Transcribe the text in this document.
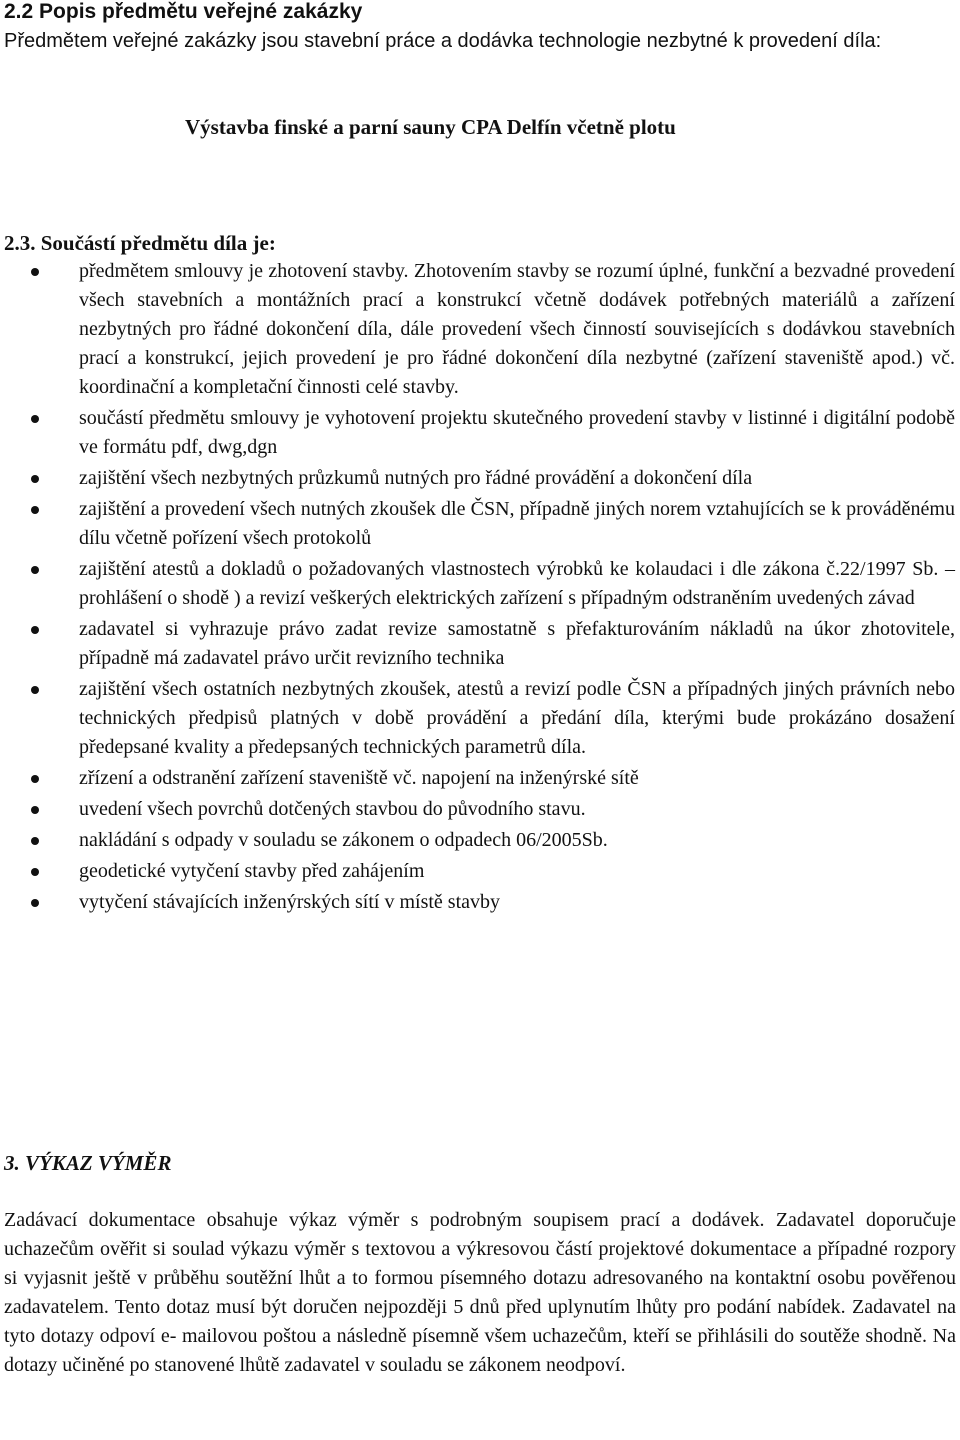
2.2 Popis předmětu veřejné zakázky

Předmětem veřejné zakázky jsou stavební práce a dodávka technologie nezbytné k provedení díla:

Výstavba finské a parní sauny CPA Delfín včetně plotu

2.3. Součástí předmětu díla je:
předmětem smlouvy je zhotovení stavby. Zhotovením stavby se rozumí úplné, funkční a bezvadné provedení všech stavebních a montážních prací a konstrukcí včetně dodávek potřebných materiálů a zařízení nezbytných pro řádné dokončení díla, dále provedení všech činností souvisejících s dodávkou stavebních prací a konstrukcí, jejich provedení je pro řádné dokončení díla nezbytné (zařízení staveniště apod.) vč. koordinační a kompletační činnosti celé stavby.
součástí předmětu smlouvy je vyhotovení projektu skutečného provedení stavby v listinné i digitální podobě ve formátu pdf, dwg,dgn
zajištění všech nezbytných průzkumů nutných pro řádné provádění a dokončení díla
zajištění a provedení všech nutných zkoušek dle ČSN, případně jiných norem vztahujících se k prováděnému dílu včetně pořízení všech protokolů
zajištění atestů a dokladů o požadovaných vlastnostech výrobků ke kolaudaci i dle zákona č.22/1997 Sb. – prohlášení o shodě ) a revizí veškerých elektrických zařízení s případným odstraněním uvedených závad
zadavatel si vyhrazuje právo zadat revize samostatně s přefakturováním nákladů na úkor zhotovitele, případně má zadavatel právo určit revizního technika
zajištění všech ostatních nezbytných zkoušek, atestů a revizí podle ČSN a případných jiných právních nebo technických předpisů platných v době provádění a předání díla, kterými bude prokázáno dosažení předepsané kvality a předepsaných technických parametrů díla.
zřízení a odstranění zařízení staveniště vč. napojení na inženýrské sítě
uvedení všech povrchů dotčených stavbou do původního stavu.
nakládání s odpady v souladu se zákonem o odpadech 06/2005Sb.
geodetické vytyčení stavby před zahájením
vytyčení stávajících inženýrských sítí v místě stavby
3. VÝKAZ VÝMĚR

Zadávací dokumentace obsahuje výkaz výměr s podrobným soupisem prací a dodávek. Zadavatel doporučuje uchazečům ověřit si soulad výkazu výměr s textovou a výkresovou částí projektové dokumentace a případné rozpory si vyjasnit ještě v průběhu soutěžní lhůt a to formou písemného dotazu adresovaného na kontaktní osobu pověřenou zadavatelem. Tento dotaz musí být doručen nejpozději 5 dnů před uplynutím lhůty pro podání nabídek. Zadavatel na tyto dotazy odpoví e- mailovou poštou a následně písemně všem uchazečům, kteří se přihlásili do soutěže shodně. Na dotazy učiněné po stanovené lhůtě zadavatel v souladu se zákonem neodpoví.
